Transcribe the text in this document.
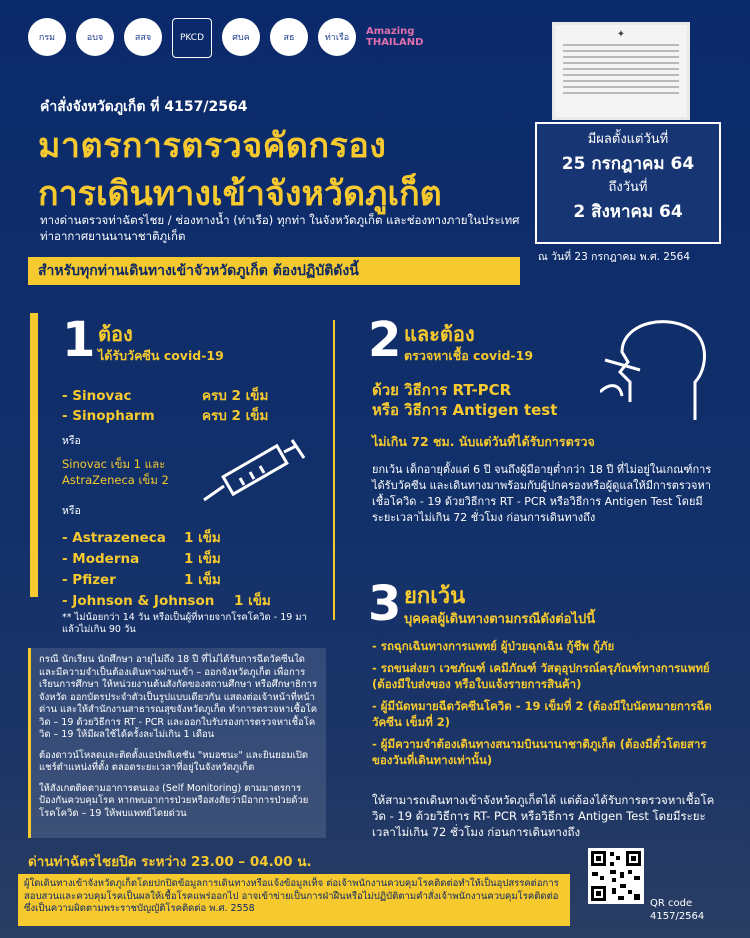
กรม	อบจ	สสจ	PKCD	ศบค	สธ	ท่าเรือ
Amazing THAILAND
✦
คำสั่งจังหวัดภูเก็ต ที่ 4157/2564
มาตรการตรวจคัดกรอง
การเดินทางเข้าจังหวัดภูเก็ต
ทางด่านตรวจท่าฉัตรไชย / ช่องทางน้ำ (ท่าเรือ) ทุกท่า ในจังหวัดภูเก็ต และช่องทางภายในประเทศ ท่าอากาศยานนานาชาติภูเก็ต
มีผลตั้งแต่วันที่
25 กรกฎาคม 64
ถึงวันที่
2 สิงหาคม 64
ณ วันที่ 23 กรกฎาคม พ.ศ. 2564
สำหรับทุกท่านเดินทางเข้าจัวหวัดภูเก็ต ต้องปฏิบัติดังนี้
1 ต้อง
ได้รับวัคซีน covid-19
- Sinovac	ครบ 2 เข็ม
- Sinopharm	ครบ 2 เข็ม
หรือ
Sinovac เข็ม 1 และ AstraZeneca เข็ม 2
หรือ
- Astrazeneca 1 เข็ม
- Moderna	1 เข็ม
- Pfizer	1 เข็ม
- Johnson & Johnson 1 เข็ม
** ไม่น้อยกว่า 14 วัน หรือเป็นผู้ที่หายจากโรคโควิด - 19 มาแล้วไม่เกิน 90 วัน
2 และต้อง
ตรวจหาเชื้อ covid-19
ด้วย วิธีการ RT-PCR
หรือ วิธีการ Antigen test
ไม่เกิน 72 ชม. นับแต่วันที่ได้รับการตรวจ
ยกเว้น เด็กอายุตั้งแต่ 6 ปี จนถึงผู้มีอายุต่ำกว่า 18 ปี ที่ไม่อยู่ในเกณฑ์การได้รับวัคซีน และเดินทางมาพร้อมกับผู้ปกครองหรือผู้ดูแลให้มีการตรวจหาเชื้อโควิด - 19 ด้วยวิธีการ RT - PCR หรือวิธีการ Antigen Test โดยมีระยะเวลาไม่เกิน 72 ชั่วโมง ก่อนการเดินทางถึง
3 ยกเว้น
บุคคลผู้เดินทางตามกรณีดังต่อไปนี้
- รถฉุกเฉินทางการแพทย์ ผู้ป่วยฉุกเฉิน กู้ชีพ กู้ภัย
- รถขนส่งยา เวชภัณฑ์ เคมีภัณฑ์ วัสดุอุปกรณ์ครุภัณฑ์ทางการแพทย์ (ต้องมีใบส่งของ หรือใบแจ้งรายการสินค้า)
- ผู้มีนัดหมายฉีดวัคซีนโควิด - 19 เข็มที่ 2 (ต้องมีใบนัดหมายการฉีดวัคซีน เข็มที่ 2)
- ผู้มีความจำต้องเดินทางสนามบินนานาชาติภูเก็ต (ต้องมีตั๋วโดยสารของวันที่เดินทางเท่านั้น)
ให้สามารถเดินทางเข้าจังหวัดภูเก็ตได้ แต่ต้องได้รับการตรวจหาเชื้อโควิด - 19 ด้วยวิธีการ RT- PCR หรือวิธีการ Antigen Test โดยมีระยะเวลาไม่เกิน 72 ชั่วโมง ก่อนการเดินทางถึง

กรณี นักเรียน นักศึกษา อายุไม่ถึง 18 ปี ที่ไม่ได้รับการฉีดวัคซีนใด และมีความจำเป็นต้องเดินทางผ่านเข้า – ออกจังหวัดภูเก็ต เพื่อการเรียนการศึกษา ให้หน่วยงานต้นสังกัดของสถานศึกษา หรือศึกษาธิการจังหวัด ออกบัตรประจำตัวเป็นรูปแบบเดียวกัน แสดงต่อเจ้าหน้าที่หน้าด่าน และให้สำนักงานสาธารณสุขจังหวัดภูเก็ต ทำการตรวจหาเชื้อโควิด – 19 ด้วยวิธีการ RT - PCR และออกใบรับรองการตรวจหาเชื้อโควิด – 19 ให้มีผลใช้ได้ครั้งละไม่เกิน 1 เดือน

ต้องดาวน์โหลดและติดตั้งแอปพลิเคชัน "หมอชนะ" และยินยอมเปิดแชร์ตำแหน่งที่ตั้ง ตลอดระยะเวลาที่อยู่ในจังหวัดภูเก็ต

ให้สังเกตติดตามอาการตนเอง (Self Monitoring) ตามมาตรการป้องกันควบคุมโรค หากพบอาการป่วยหรือสงสัยว่ามีอาการป่วยด้วยโรคโควิด – 19 ให้พบแพทย์โดยด่วน

ด่านท่าฉัตรไชยปิด ระหว่าง 23.00 – 04.00 น.
ผู้ใดเดินทางเข้าจังหวัดภูเก็ตโดยปกปิดข้อมูลการเดินทางหรือแจ้งข้อมูลเท็จ ต่อเจ้าพนักงานควบคุมโรคติดต่อทำให้เป็นอุปสรรคต่อการสอบสวนและควบคุมโรคเป็นผลให้เชื้อโรคแพร่ออกไป อาจเข้าข่ายเป็นการฝ่าฝืนหรือไม่ปฏิบัติตามคำสั่งเจ้าพนักงานควบคุมโรคติดต่อ ซึ่งเป็นความผิดตามพระราชบัญญัติโรคติดต่อ พ.ศ. 2558	QR code
4157/2564
